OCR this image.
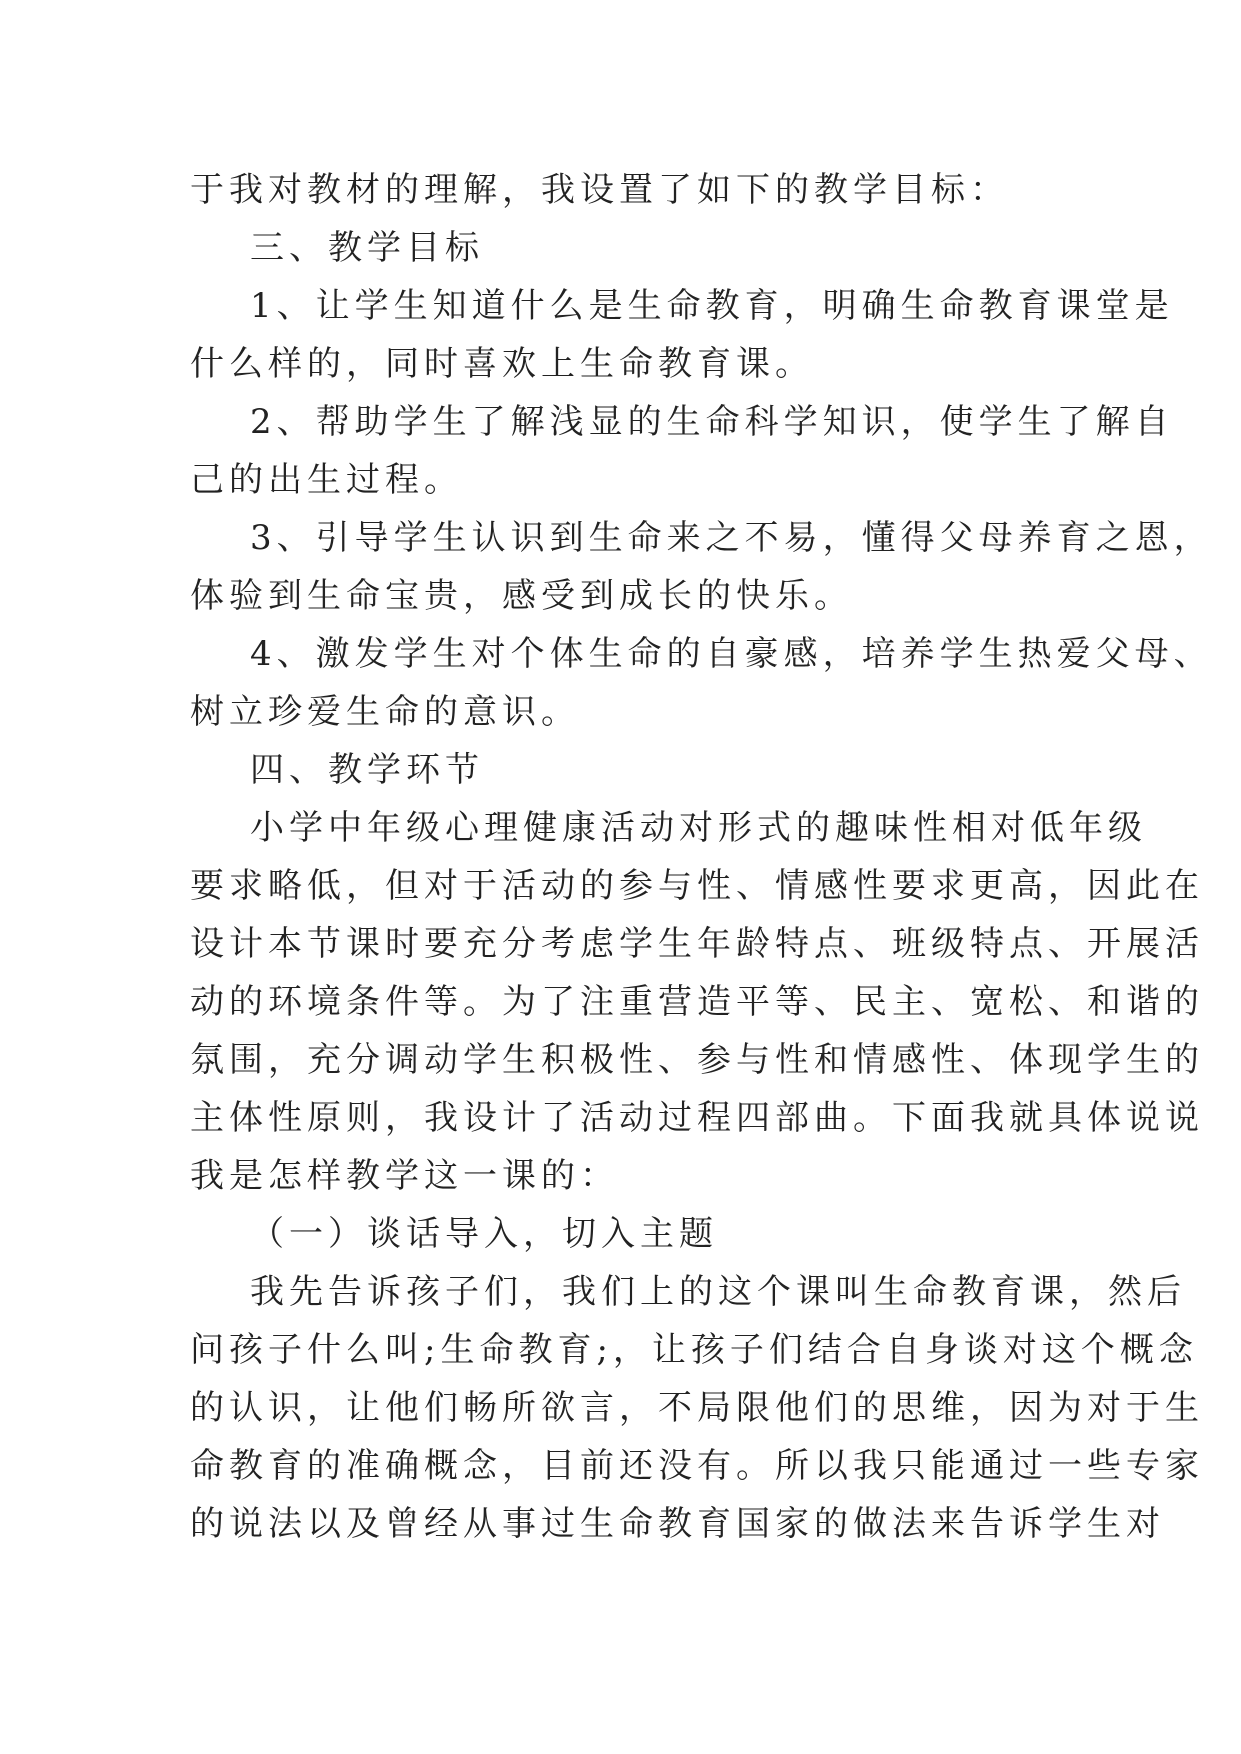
于我对教材的理解，我设置了如下的教学目标：
三、教学目标
1、让学生知道什么是生命教育，明确生命教育课堂是
什么样的，同时喜欢上生命教育课。
2、帮助学生了解浅显的生命科学知识，使学生了解自
己的出生过程。
3、引导学生认识到生命来之不易，懂得父母养育之恩，
体验到生命宝贵，感受到成长的快乐。
4、激发学生对个体生命的自豪感，培养学生热爱父母、
树立珍爱生命的意识。
四、教学环节
小学中年级心理健康活动对形式的趣味性相对低年级
要求略低，但对于活动的参与性、情感性要求更高，因此在
设计本节课时要充分考虑学生年龄特点、班级特点、开展活
动的环境条件等。为了注重营造平等、民主、宽松、和谐的
氛围，充分调动学生积极性、参与性和情感性、体现学生的
主体性原则，我设计了活动过程四部曲。下面我就具体说说
我是怎样教学这一课的：
（一）谈话导入，切入主题
我先告诉孩子们，我们上的这个课叫生命教育课，然后
问孩子什么叫;生命教育;，让孩子们结合自身谈对这个概念
的认识，让他们畅所欲言，不局限他们的思维，因为对于生
命教育的准确概念，目前还没有。所以我只能通过一些专家
的说法以及曾经从事过生命教育国家的做法来告诉学生对
